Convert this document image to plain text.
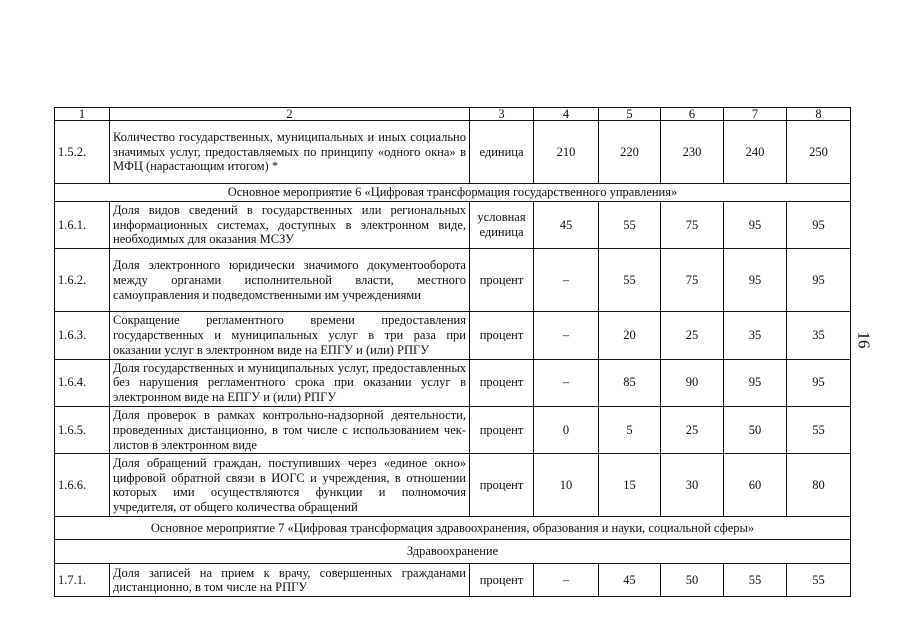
1	2	3	4	5	6	7	8
1.5.2.	Количество государственных, муниципальных и иных социально значимых услуг, предоставляемых по принципу «одного окна» в МФЦ (нарастающим итогом) *	единица	210	220	230	240	250
Основное мероприятие 6 «Цифровая трансформация государственного управления»							
1.6.1.	Доля видов сведений в государственных или региональных информационных системах, доступных в электронном виде, необходимых для оказания МСЗУ	условная единица	45	55	75	95	95
1.6.2.	Доля электронного юридически значимого документооборота между органами исполнительной власти, местного самоуправления и подведомственными им учреждениями	процент	–	55	75	95	95
1.6.3.	Сокращение регламентного времени предоставления государственных и муниципальных услуг в три раза при оказании услуг в электронном виде на ЕПГУ и (или) РПГУ	процент	–	20	25	35	35
1.6.4.	Доля государственных и муниципальных услуг, предоставленных без нарушения регламентного срока при оказании услуг в электронном виде на ЕПГУ и (или) РПГУ	процент	–	85	90	95	95
1.6.5.	Доля проверок в рамках контрольно-надзорной деятельности, проведенных дистанционно, в том числе с использованием чек-листов в электронном виде	процент	0	5	25	50	55
1.6.6.	Доля обращений граждан, поступивших через «единое окно» цифровой обратной связи в ИОГС и учреждения, в отношении которых ими осуществляются функции и полномочия учредителя, от общего количества обращений	процент	10	15	30	60	80
Основное мероприятие 7 «Цифровая трансформация здравоохранения, образования и науки, социальной сферы»							
Здравоохранение							
1.7.1.	Доля записей на прием к врачу, совершенных гражданами дистанционно, в том числе на РПГУ	процент	–	45	50	55	55
16
